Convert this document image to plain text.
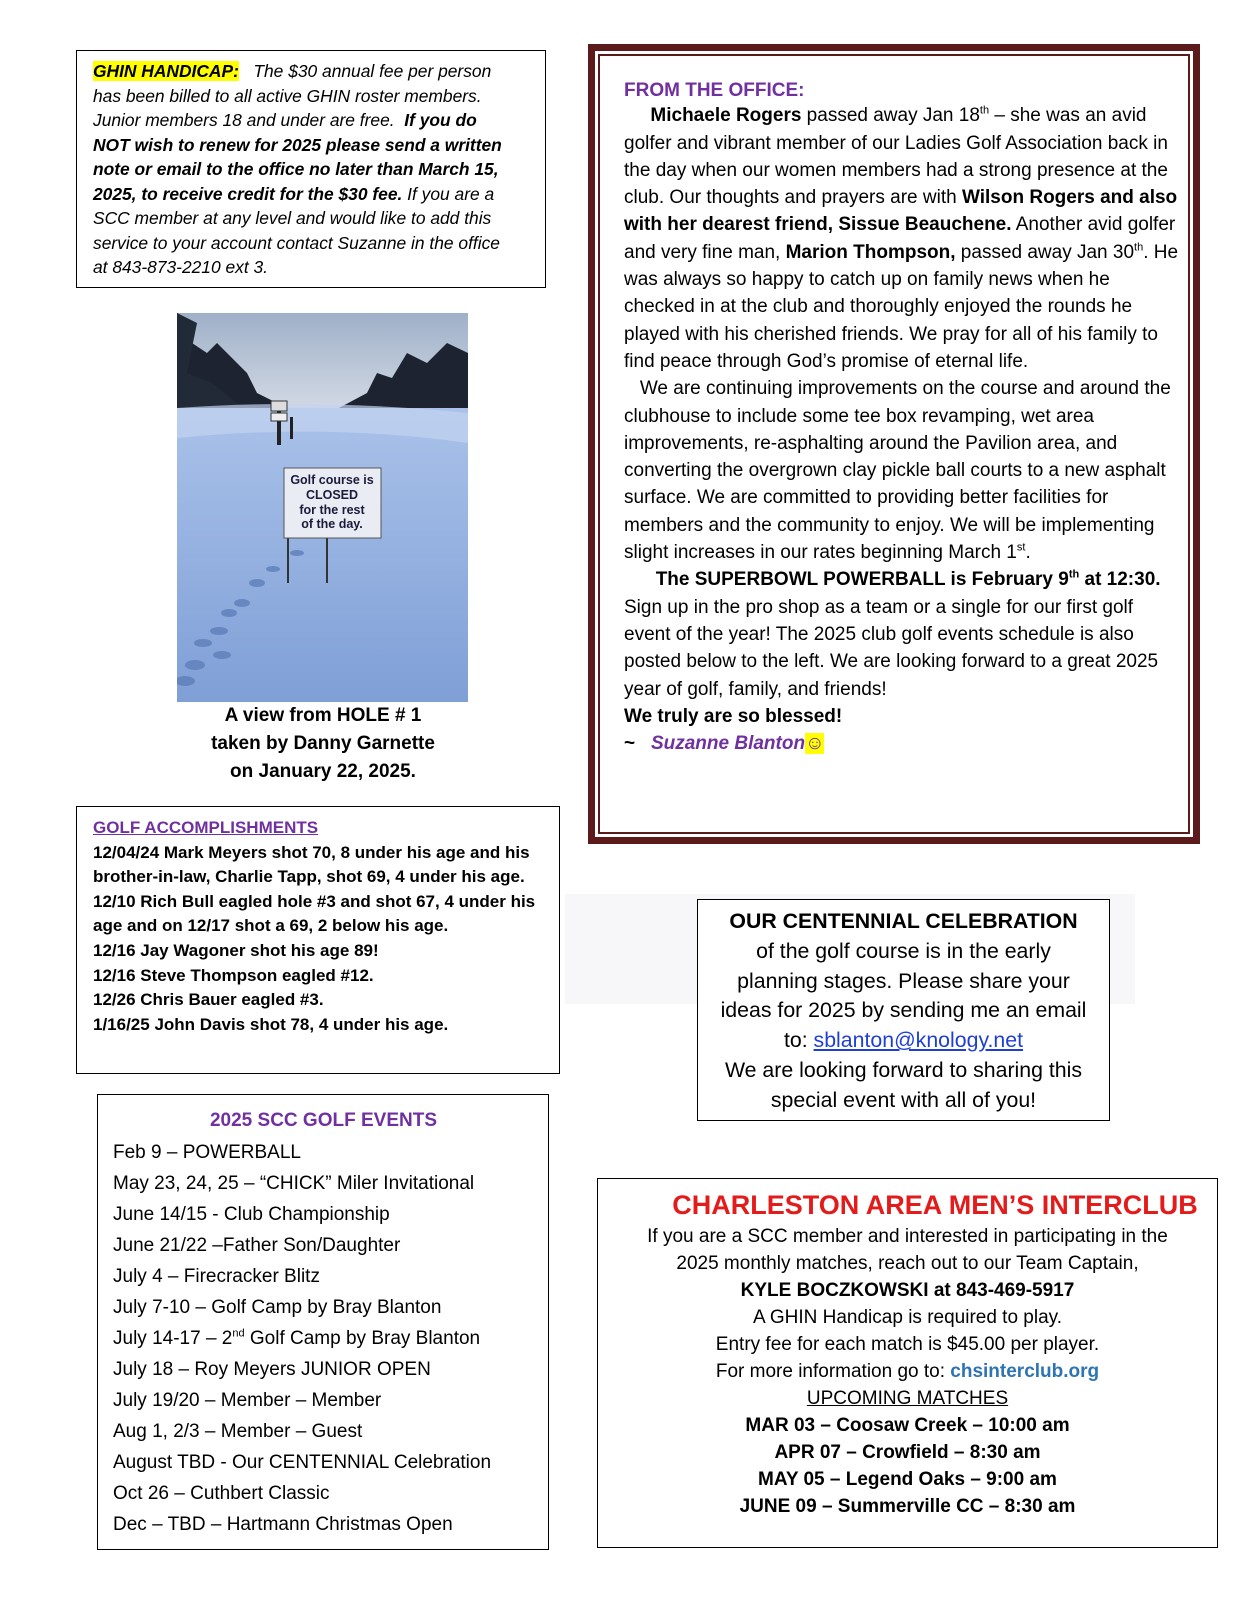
GHIN HANDICAP: The $30 annual fee per person

has been billed to all active GHIN roster members.

Junior members 18 and under are free. If you do

NOT wish to renew for 2025 please send a written

note or email to the office no later than March 15,

2025, to receive credit for the $30 fee. If you are a

SCC member at any level and would like to add this

service to your account contact Suzanne in the office

at 843-873-2210 ext 3.

Golf course is
CLOSED
for the rest
of the day.

A view from HOLE # 1

taken by Danny Garnette

on January 22, 2025.

FROM THE OFFICE:

Michaele Rogers passed away Jan 18th – she was an avid golfer and vibrant member of our Ladies Golf Association back in the day when our women members had a strong presence at the club. Our thoughts and prayers are with Wilson Rogers and also with her dearest friend, Sissue Beauchene. Another avid golfer and very fine man, Marion Thompson, passed away Jan 30th. He was always so happy to catch up on family news when he checked in at the club and thoroughly enjoyed the rounds he played with his cherished friends. We pray for all of his family to find peace through God’s promise of eternal life.

We are continuing improvements on the course and around the clubhouse to include some tee box revamping, wet area improvements, re-asphalting around the Pavilion area, and converting the overgrown clay pickle ball courts to a new asphalt surface. We are committed to providing better facilities for members and the community to enjoy. We will be implementing slight increases in our rates beginning March 1st.

The SUPERBOWL POWERBALL is February 9th at 12:30. Sign up in the pro shop as a team or a single for our first golf event of the year! The 2025 club golf events schedule is also posted below to the left. We are looking forward to a great 2025 year of golf, family, and friends!

We truly are so blessed!

~ Suzanne Blanton☺

GOLF ACCOMPLISHMENTS

12/04/24 Mark Meyers shot 70, 8 under his age and his brother-in-law, Charlie Tapp, shot 69, 4 under his age.

12/10 Rich Bull eagled hole #3 and shot 67, 4 under his age and on 12/17 shot a 69, 2 below his age.

12/16 Jay Wagoner shot his age 89!

12/16 Steve Thompson eagled #12.

12/26 Chris Bauer eagled #3.

1/16/25 John Davis shot 78, 4 under his age.

2025 SCC GOLF EVENTS

Feb 9 – POWERBALL

May 23, 24, 25 – “CHICK” Miler Invitational

June 14/15 - Club Championship

June 21/22 –Father Son/Daughter

July 4 – Firecracker Blitz

July 7-10 – Golf Camp by Bray Blanton

July 14-17 – 2nd Golf Camp by Bray Blanton

July 18 – Roy Meyers JUNIOR OPEN

July 19/20 – Member – Member

Aug 1, 2/3 – Member – Guest

August TBD - Our CENTENNIAL Celebration

Oct 26 – Cuthbert Classic

Dec – TBD – Hartmann Christmas Open

OUR CENTENNIAL CELEBRATION

of the golf course is in the early

planning stages. Please share your

ideas for 2025 by sending me an email

to: sblanton@knology.net

We are looking forward to sharing this

special event with all of you!

CHARLESTON AREA MEN’S INTERCLUB

If you are a SCC member and interested in participating in the

2025 monthly matches, reach out to our Team Captain,

KYLE BOCZKOWSKI at 843-469-5917

A GHIN Handicap is required to play.

Entry fee for each match is $45.00 per player.

For more information go to: chsinterclub.org

UPCOMING MATCHES

MAR 03 – Coosaw Creek – 10:00 am

APR 07 – Crowfield – 8:30 am

MAY 05 – Legend Oaks – 9:00 am

JUNE 09 – Summerville CC – 8:30 am
